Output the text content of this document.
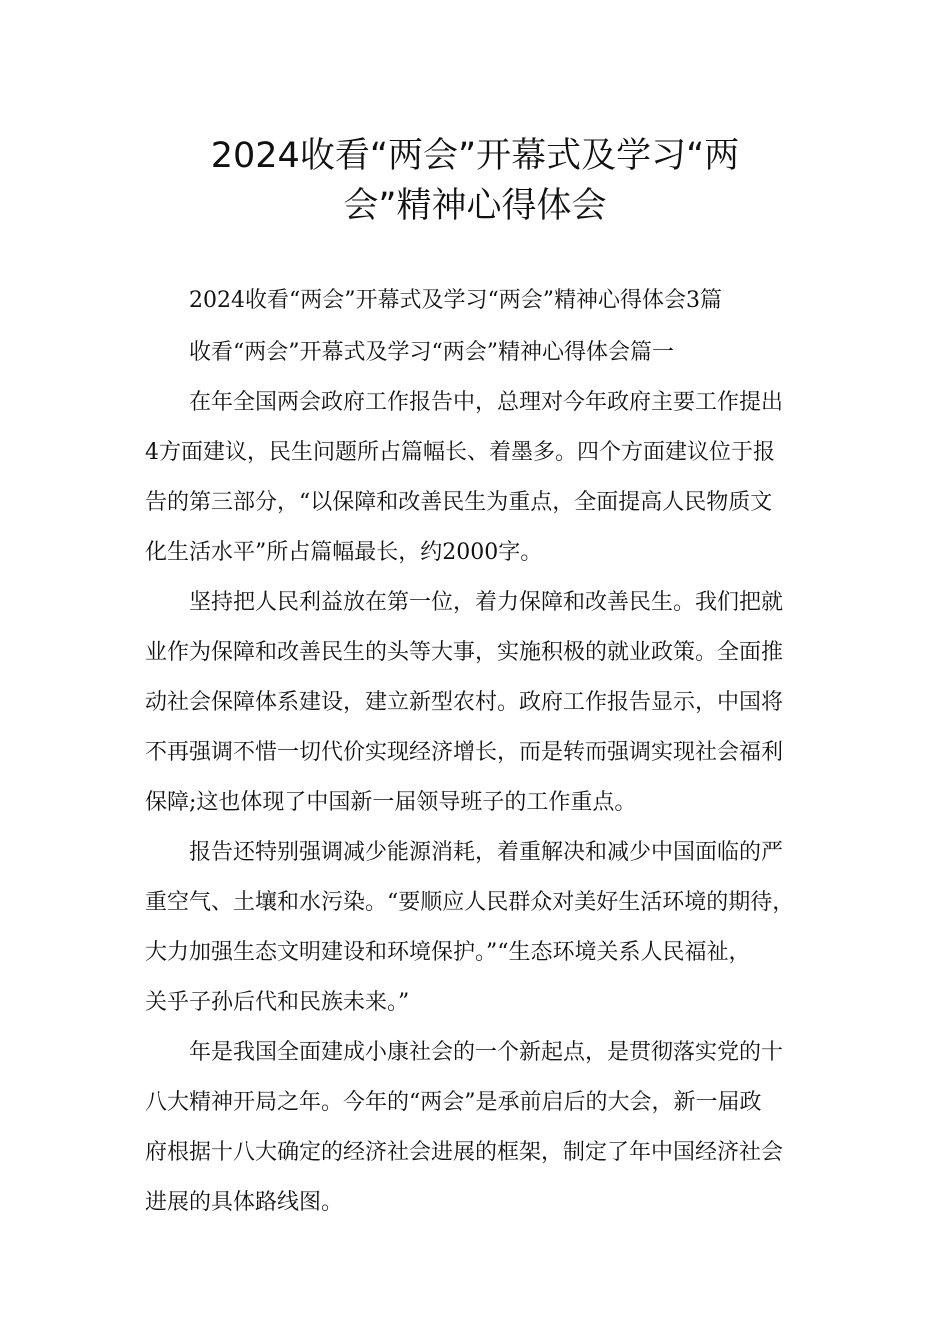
2024收看“两会”开幕式及学习“两
会”精神心得体会
2024收看“两会”开幕式及学习“两会”精神心得体会3篇
收看“两会”开幕式及学习“两会”精神心得体会篇一
在年全国两会政府工作报告中，总理对今年政府主要工作提出
4方面建议，民生问题所占篇幅长、着墨多。四个方面建议位于报
告的第三部分，“以保障和改善民生为重点，全面提高人民物质文
化生活水平”所占篇幅最长，约2000字。
坚持把人民利益放在第一位，着力保障和改善民生。我们把就
业作为保障和改善民生的头等大事，实施积极的就业政策。全面推
动社会保障体系建设，建立新型农村。政府工作报告显示，中国将
不再强调不惜一切代价实现经济增长，而是转而强调实现社会福利
保障;这也体现了中国新一届领导班子的工作重点。
报告还特别强调减少能源消耗，着重解决和减少中国面临的严
重空气、土壤和水污染。“要顺应人民群众对美好生活环境的期待，
大力加强生态文明建设和环境保护。”“生态环境关系人民福祉，
关乎子孙后代和民族未来。”
年是我国全面建成小康社会的一个新起点，是贯彻落实党的十
八大精神开局之年。今年的“两会”是承前启后的大会，新一届政
府根据十八大确定的经济社会进展的框架，制定了年中国经济社会
进展的具体路线图。
